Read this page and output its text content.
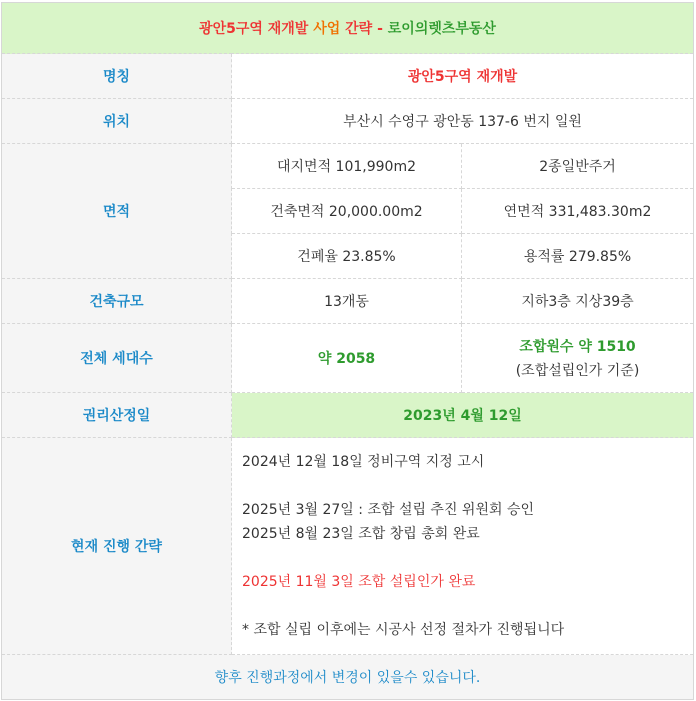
광안5구역 재개발 사업 간략 - 로이의렛츠부동산		
명칭	광안5구역 재개발	
위치	부산시 수영구 광안동 137-6 번지 일원	
면적	대지면적 101,990m2	2종일반주거
	건축면적 20,000.00m2	연면적 331,483.30m2
	건폐율 23.85%	용적률 279.85%
건축규모	13개동	지하3층 지상39층
전체 세대수	약 2058	조합원수 약 1510
(조합설립인가 기준)

권리산정일	2023년 4월 12일	
현재 진행 간략	2024년 12월 18일 정비구역 지정 고시

2025년 3월 27일 : 조합 설립 추진 위원회 승인

2025년 8월 23일 조합 창립 총회 완료

2025년 11월 3일 조합 설립인가 완료

* 조합 실립 이후에는 시공사 선정 절차가 진행됩니다	

향후 진행과정에서 변경이 있을수 있습니다.		
